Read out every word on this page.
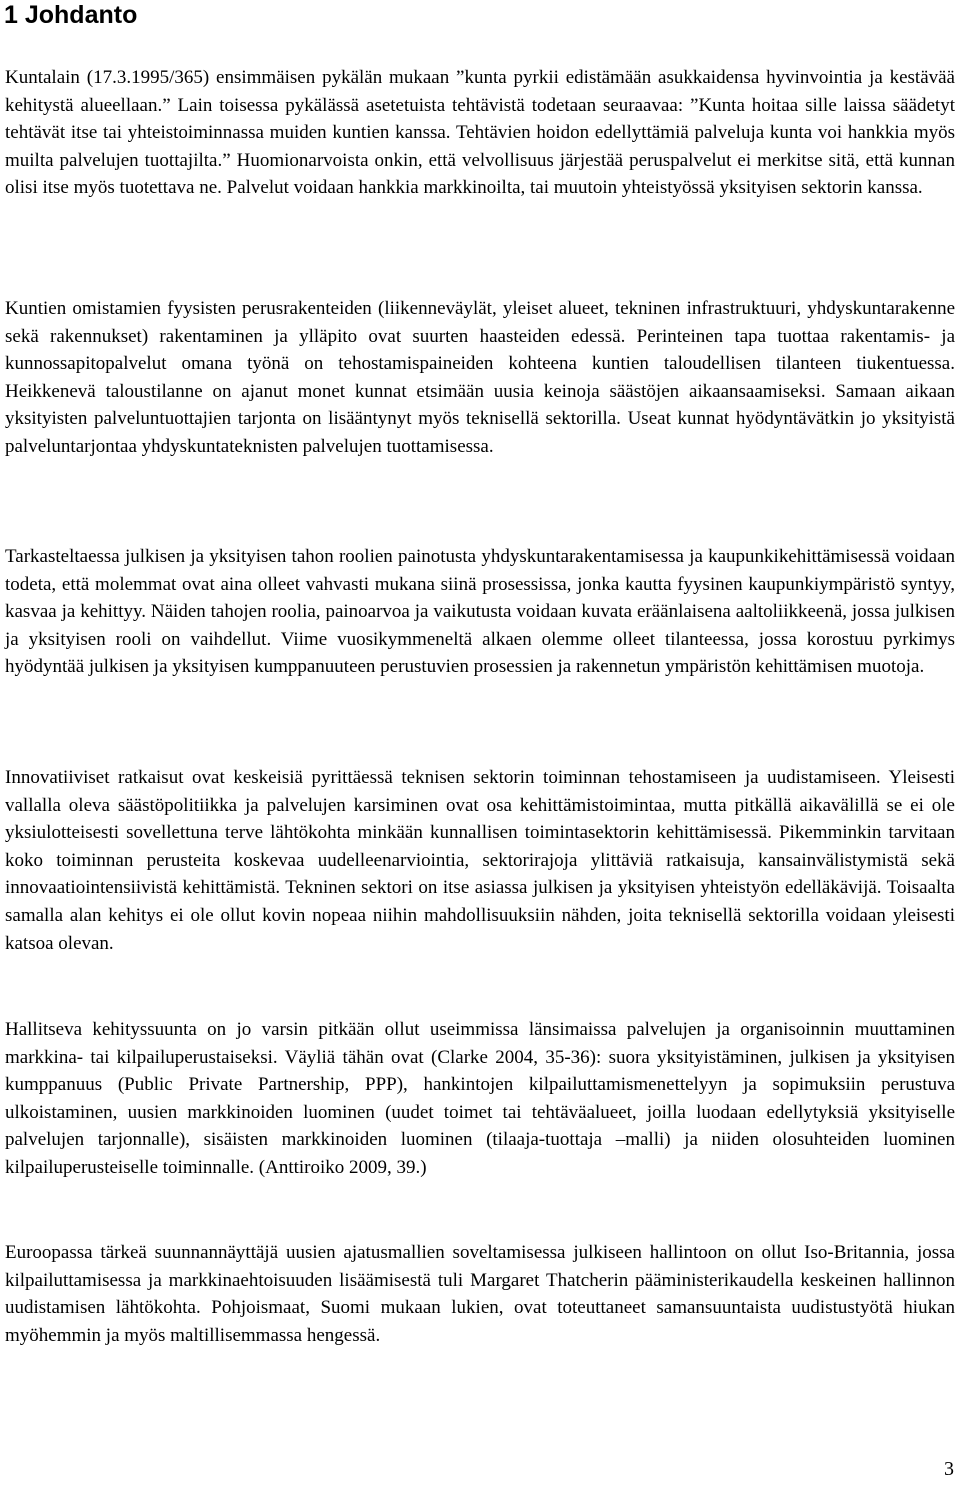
1 Johdanto

Kuntalain (17.3.1995/365) ensimmäisen pykälän mukaan ”kunta pyrkii edistämään asukkaidensa hyvinvointia ja kestävää kehitystä alueellaan.” Lain toisessa pykälässä asetetuista tehtävistä todetaan seuraavaa: ”Kunta hoitaa sille laissa säädetyt tehtävät itse tai yhteistoiminnassa muiden kuntien kanssa. Tehtävien hoidon edellyttämiä palveluja kunta voi hankkia myös muilta palvelujen tuottajilta.” Huomionarvoista onkin, että velvollisuus järjestää peruspalvelut ei merkitse sitä, että kunnan olisi itse myös tuotettava ne. Palvelut voidaan hankkia markkinoilta, tai muutoin yhteistyössä yksityisen sektorin kanssa.

Kuntien omistamien fyysisten perusrakenteiden (liikenneväylät, yleiset alueet, tekninen infrastruktuuri, yhdyskuntarakenne sekä rakennukset) rakentaminen ja ylläpito ovat suurten haasteiden edessä. Perinteinen tapa tuottaa rakentamis- ja kunnossapitopalvelut omana työnä on tehostamispaineiden kohteena kuntien taloudellisen tilanteen tiukentuessa. Heikkenevä taloustilanne on ajanut monet kunnat etsimään uusia keinoja säästöjen aikaansaamiseksi. Samaan aikaan yksityisten palveluntuottajien tarjonta on lisääntynyt myös teknisellä sektorilla. Useat kunnat hyödyntävätkin jo yksityistä palveluntarjontaa yhdyskuntateknisten palvelujen tuottamisessa.

Tarkasteltaessa julkisen ja yksityisen tahon roolien painotusta yhdyskuntarakentamisessa ja kaupunkikehittämisessä voidaan todeta, että molemmat ovat aina olleet vahvasti mukana siinä prosessissa, jonka kautta fyysinen kaupunkiympäristö syntyy, kasvaa ja kehittyy. Näiden tahojen roolia, painoarvoa ja vaikutusta voidaan kuvata eräänlaisena aaltoliikkeenä, jossa julkisen ja yksityisen rooli on vaihdellut. Viime vuosikymmeneltä alkaen olemme olleet tilanteessa, jossa korostuu pyrkimys hyödyntää julkisen ja yksityisen kumppanuuteen perustuvien prosessien ja rakennetun ympäristön kehittämisen muotoja.

Innovatiiviset ratkaisut ovat keskeisiä pyrittäessä teknisen sektorin toiminnan tehostamiseen ja uudistamiseen. Yleisesti vallalla oleva säästöpolitiikka ja palvelujen karsiminen ovat osa kehittämistoimintaa, mutta pitkällä aikavälillä se ei ole yksiulotteisesti sovellettuna terve lähtökohta minkään kunnallisen toimintasektorin kehittämisessä. Pikemminkin tarvitaan koko toiminnan perusteita koskevaa uudelleenarviointia, sektorirajoja ylittäviä ratkaisuja, kansainvälistymistä sekä innovaatiointensiivistä kehittämistä. Tekninen sektori on itse asiassa julkisen ja yksityisen yhteistyön edelläkävijä. Toisaalta samalla alan kehitys ei ole ollut kovin nopeaa niihin mahdollisuuksiin nähden, joita teknisellä sektorilla voidaan yleisesti katsoa olevan.

Hallitseva kehityssuunta on jo varsin pitkään ollut useimmissa länsimaissa palvelujen ja organisoinnin muuttaminen markkina- tai kilpailuperustaiseksi. Väyliä tähän ovat (Clarke 2004, 35-36): suora yksityistäminen, julkisen ja yksityisen kumppanuus (Public Private Partnership, PPP), hankintojen kilpailuttamismenettelyyn ja sopimuksiin perustuva ulkoistaminen, uusien markkinoiden luominen (uudet toimet tai tehtäväalueet, joilla luodaan edellytyksiä yksityiselle palvelujen tarjonnalle), sisäisten markkinoiden luominen (tilaaja-tuottaja –malli) ja niiden olosuhteiden luominen kilpailuperusteiselle toiminnalle. (Anttiroiko 2009, 39.)

Euroopassa tärkeä suunnannäyttäjä uusien ajatusmallien soveltamisessa julkiseen hallintoon on ollut Iso-Britannia, jossa kilpailuttamisessa ja markkinaehtoisuuden lisäämisestä tuli Margaret Thatcherin pääministerikaudella keskeinen hallinnon uudistamisen lähtökohta. Pohjoismaat, Suomi mukaan lukien, ovat toteuttaneet samansuuntaista uudistustyötä hiukan myöhemmin ja myös maltillisemmassa hengessä.

3
